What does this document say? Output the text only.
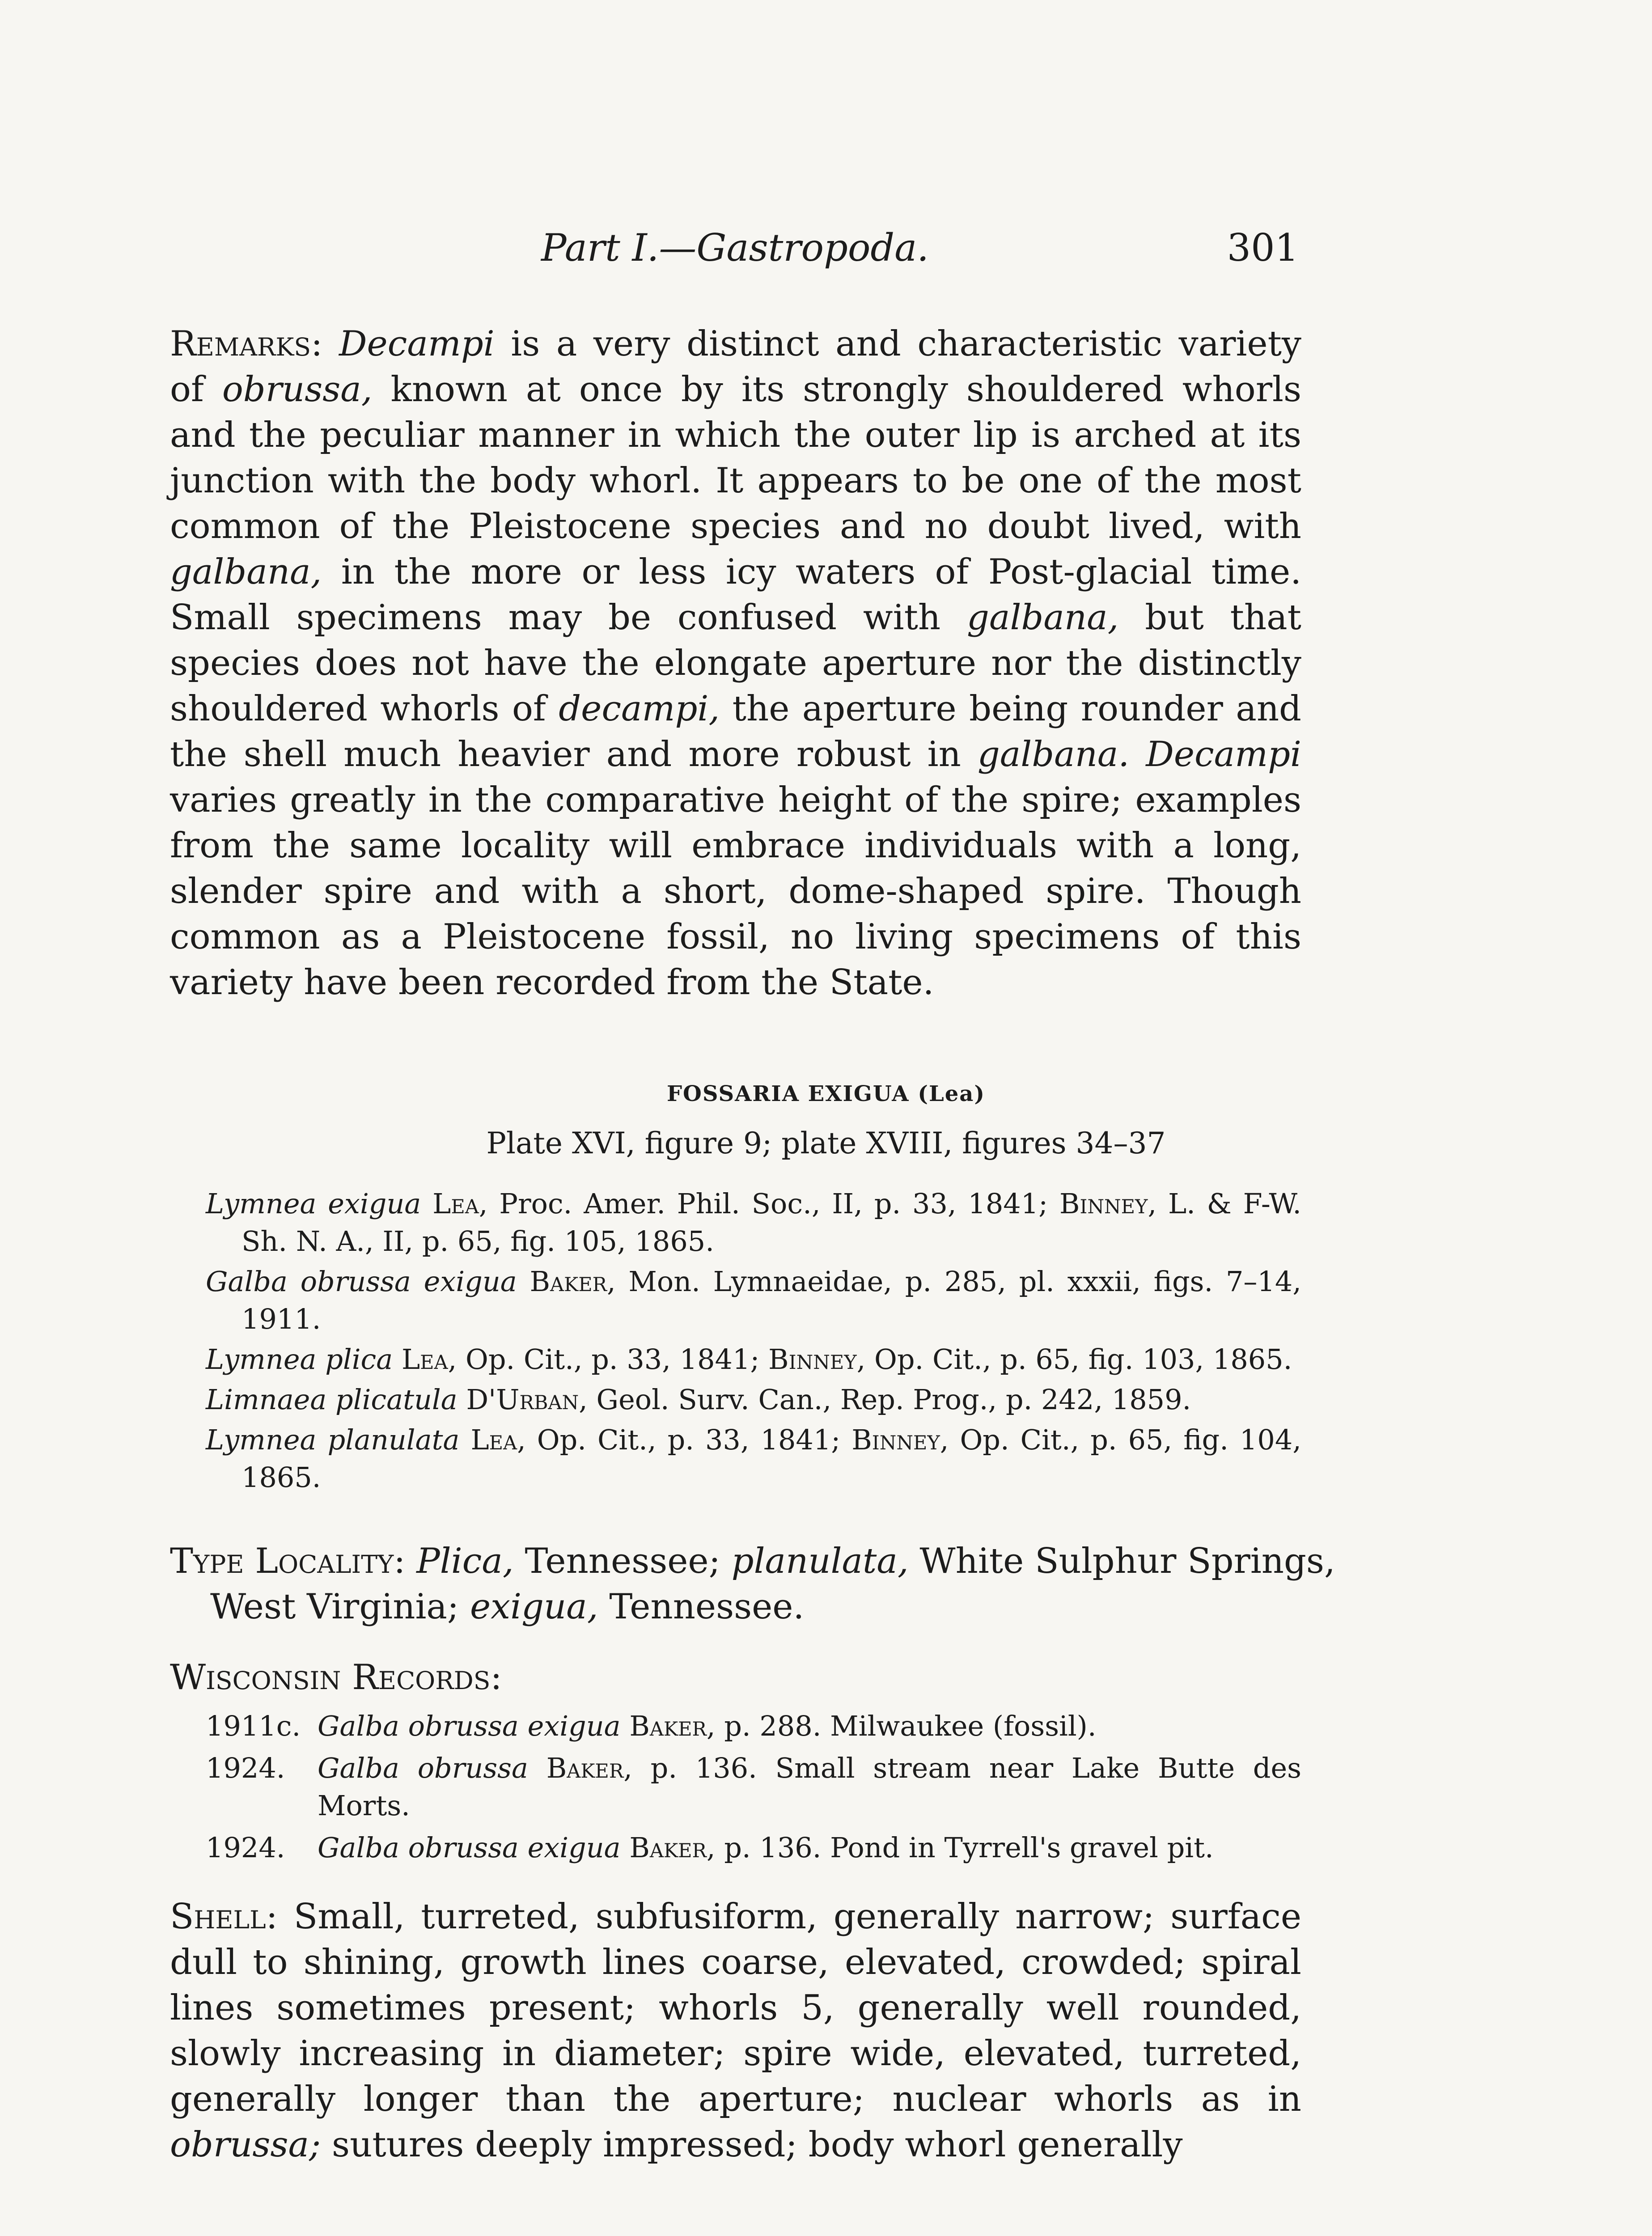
Part I.—Gastropoda.	301

Remarks: Decampi is a very distinct and characteristic variety of obrussa, known at once by its strongly shouldered whorls and the peculiar manner in which the outer lip is arched at its junction with the body whorl. It appears to be one of the most common of the Pleistocene species and no doubt lived, with galbana, in the more or less icy waters of Post-glacial time. Small specimens may be confused with galbana, but that species does not have the elongate aperture nor the distinctly shouldered whorls of decampi, the aperture being rounder and the shell much heavier and more robust in galbana. Decampi varies greatly in the comparative height of the spire; examples from the same locality will embrace individuals with a long, slender spire and with a short, dome-shaped spire. Though common as a Pleistocene fossil, no living specimens of this variety have been recorded from the State.

FOSSARIA EXIGUA (Lea)
Plate XVI, figure 9; plate XVIII, figures 34–37
Lymnea exigua Lea, Proc. Amer. Phil. Soc., II, p. 33, 1841; Binney, L. & F-W. Sh. N. A., II, p. 65, fig. 105, 1865.
Galba obrussa exigua Baker, Mon. Lymnaeidae, p. 285, pl. xxxii, figs. 7–14, 1911.
Lymnea plica Lea, Op. Cit., p. 33, 1841; Binney, Op. Cit., p. 65, fig. 103, 1865.
Limnaea plicatula D'Urban, Geol. Surv. Can., Rep. Prog., p. 242, 1859.
Lymnea planulata Lea, Op. Cit., p. 33, 1841; Binney, Op. Cit., p. 65, fig. 104, 1865.
Type Locality: Plica, Tennessee; planulata, White Sulphur Springs, West Virginia; exigua, Tennessee.
Wisconsin Records:
1911c. Galba obrussa exigua Baker, p. 288. Milwaukee (fossil).
1924. Galba obrussa Baker, p. 136. Small stream near Lake Butte des Morts.
1924. Galba obrussa exigua Baker, p. 136. Pond in Tyrrell's gravel pit.

Shell: Small, turreted, subfusiform, generally narrow; surface dull to shining, growth lines coarse, elevated, crowded; spiral lines sometimes present; whorls 5, generally well rounded, slowly increasing in diameter; spire wide, elevated, turreted, generally longer than the aperture; nuclear whorls as in obrussa; sutures deeply impressed; body whorl generally
